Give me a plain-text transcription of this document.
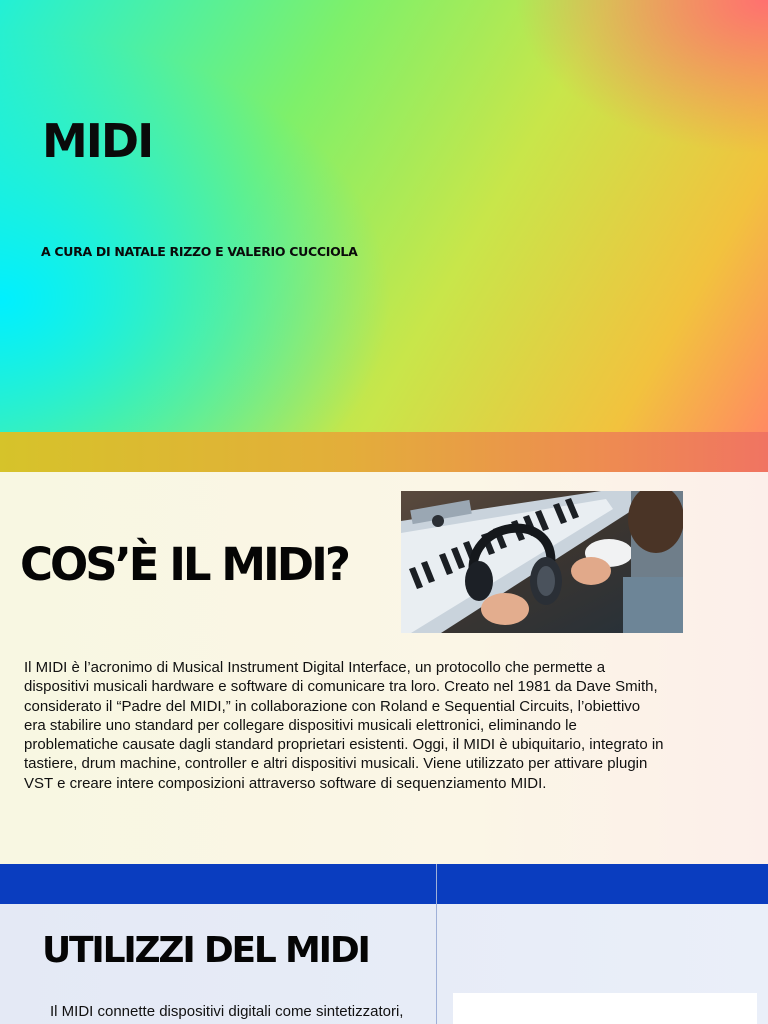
MIDI
A CURA DI NATALE RIZZO E VALERIO CUCCIOLA
COS’È IL MIDI?

Il MIDI è l’acronimo di Musical Instrument Digital Interface, un protocollo che permette a dispositivi musicali hardware e software di comunicare tra loro. Creato nel 1981 da Dave Smith, considerato il “Padre del MIDI,” in collaborazione con Roland e Sequential Circuits, l’obiettivo era stabilire uno standard per collegare dispositivi musicali elettronici, eliminando le problematiche causate dagli standard proprietari esistenti. Oggi, il MIDI è ubiquitario, integrato in tastiere, drum machine, controller e altri dispositivi musicali. Viene utilizzato per attivare plugin VST e creare intere composizioni attraverso software di sequenziamento MIDI.

UTILIZZI DEL MIDI

Il MIDI connette dispositivi digitali come sintetizzatori,
